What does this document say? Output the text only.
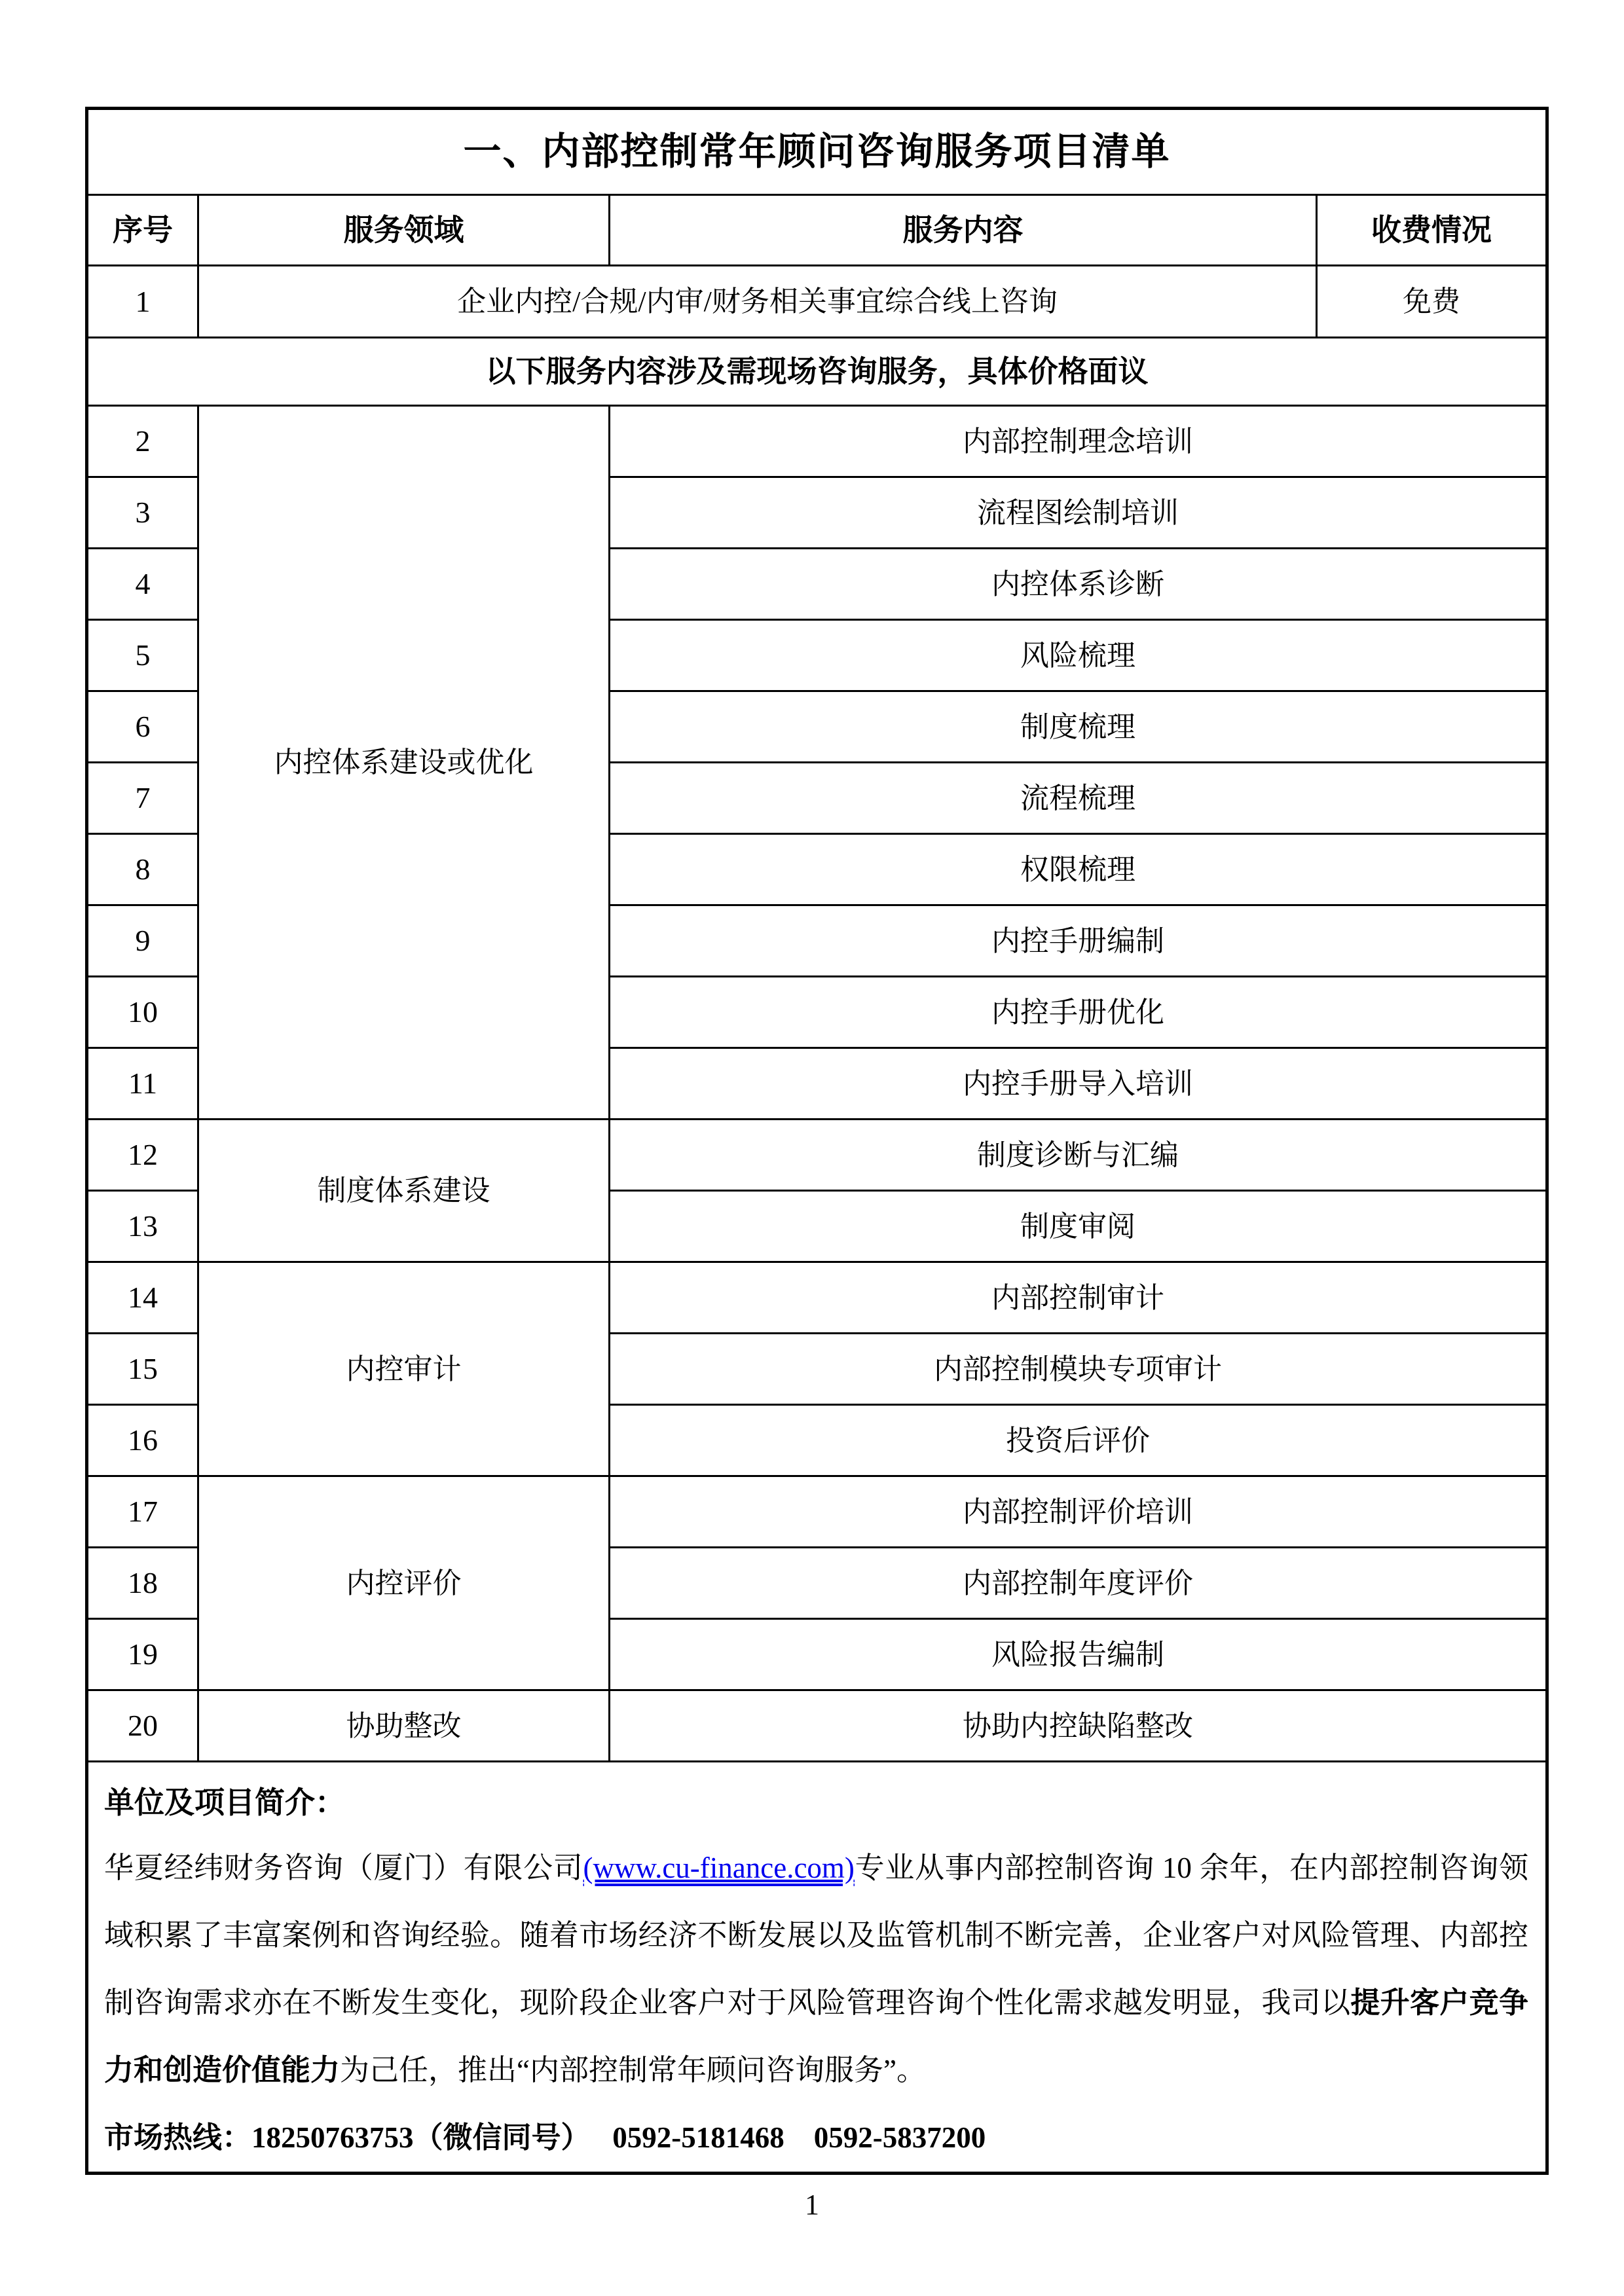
一、内部控制常年顾问咨询服务项目清单			
序号	服务领域	服务内容	收费情况
1	企业内控/合规/内审/财务相关事宜综合线上咨询		免费
以下服务内容涉及需现场咨询服务，具体价格面议			
2	内控体系建设或优化	内部控制理念培训	
3		流程图绘制培训	
4		内控体系诊断	
5		风险梳理	
6		制度梳理	
7		流程梳理	
8		权限梳理	
9		内控手册编制	
10		内控手册优化	
11		内控手册导入培训	
12	制度体系建设	制度诊断与汇编	
13		制度审阅	
14	内控审计	内部控制审计	
15		内部控制模块专项审计	
16		投资后评价	
17	内控评价	内部控制评价培训	
18		内部控制年度评价	
19		风险报告编制	
20	协助整改	协助内控缺陷整改	

单位及项目简介：
华夏经纬财务咨询（厦门）有限公司(www.cu-finance.com)专业从事内部控制咨询 10 余年，在内部控制咨询领域积累了丰富案例和咨询经验。随着市场经济不断发展以及监管机制不断完善，企业客户对风险管理、内部控制咨询需求亦在不断发生变化，现阶段企业客户对于风险管理咨询个性化需求越发明显，我司以提升客户竞争力和创造价值能力为己任，推出“内部控制常年顾问咨询服务”。
市场热线：18250763753（微信同号）　 0592-5181468　0592-5837200			
1
